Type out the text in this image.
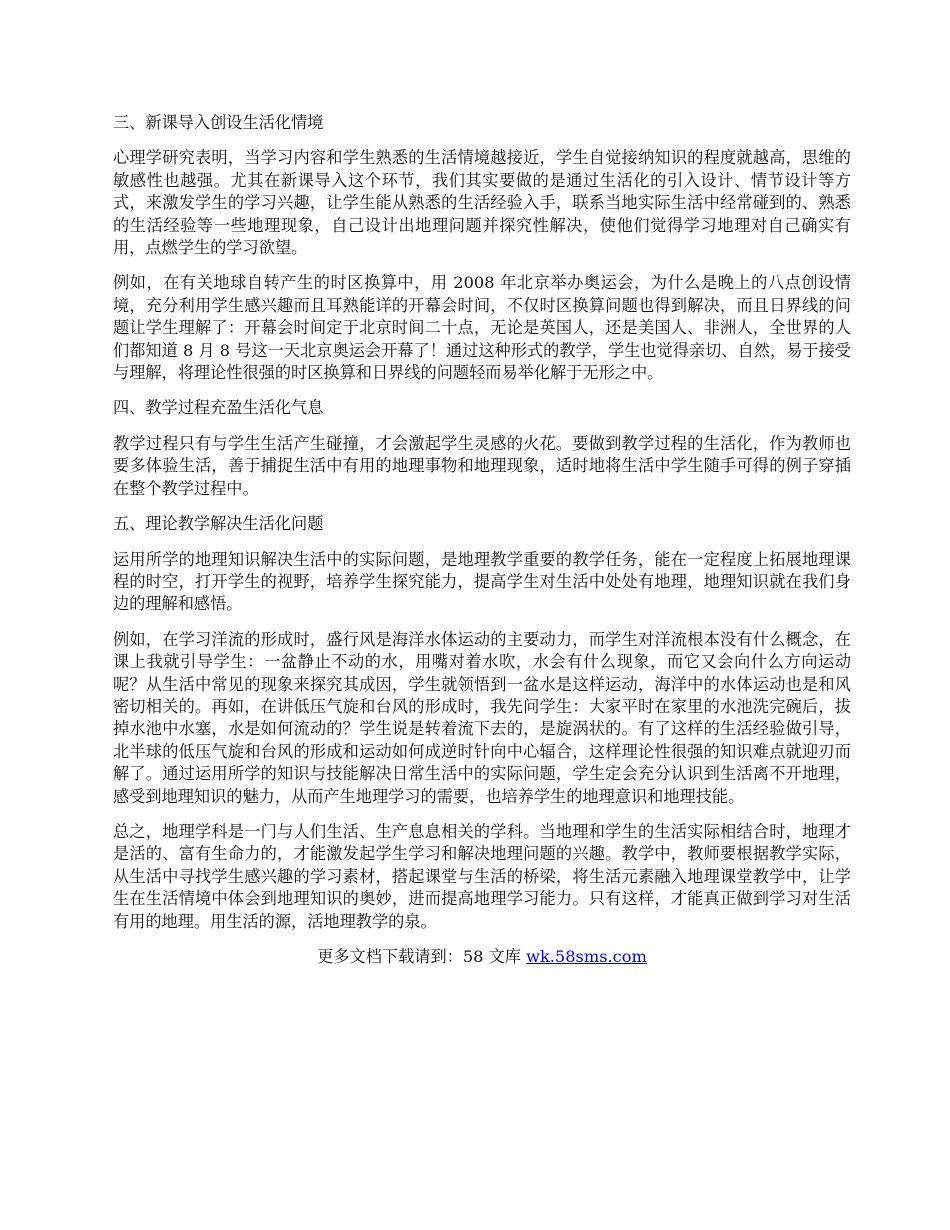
三、新课导入创设生活化情境
心理学研究表明，当学习内容和学生熟悉的生活情境越接近，学生自觉接纳知识的程度就越高，思维的敏感性也越强。尤其在新课导入这个环节，我们其实要做的是通过生活化的引入设计、情节设计等方式，来激发学生的学习兴趣，让学生能从熟悉的生活经验入手，联系当地实际生活中经常碰到的、熟悉的生活经验等一些地理现象，自己设计出地理问题并探究性解决，使他们觉得学习地理对自己确实有用，点燃学生的学习欲望。
例如，在有关地球自转产生的时区换算中，用 2008 年北京举办奥运会，为什么是晚上的八点创设情境，充分利用学生感兴趣而且耳熟能详的开幕会时间，不仅时区换算问题也得到解决，而且日界线的问题让学生理解了：开幕会时间定于北京时间二十点，无论是英国人，还是美国人、非洲人，全世界的人们都知道 8 月 8 号这一天北京奥运会开幕了！通过这种形式的教学，学生也觉得亲切、自然，易于接受与理解，将理论性很强的时区换算和日界线的问题轻而易举化解于无形之中。
四、教学过程充盈生活化气息
教学过程只有与学生生活产生碰撞，才会激起学生灵感的火花。要做到教学过程的生活化，作为教师也要多体验生活，善于捕捉生活中有用的地理事物和地理现象，适时地将生活中学生随手可得的例子穿插在整个教学过程中。
五、理论教学解决生活化问题
运用所学的地理知识解决生活中的实际问题，是地理教学重要的教学任务，能在一定程度上拓展地理课程的时空，打开学生的视野，培养学生探究能力，提高学生对生活中处处有地理，地理知识就在我们身边的理解和感悟。
例如，在学习洋流的形成时，盛行风是海洋水体运动的主要动力，而学生对洋流根本没有什么概念，在课上我就引导学生：一盆静止不动的水，用嘴对着水吹，水会有什么现象，而它又会向什么方向运动呢？从生活中常见的现象来探究其成因，学生就领悟到一盆水是这样运动，海洋中的水体运动也是和风密切相关的。再如，在讲低压气旋和台风的形成时，我先问学生：大家平时在家里的水池洗完碗后，拔掉水池中水塞，水是如何流动的？学生说是转着流下去的，是旋涡状的。有了这样的生活经验做引导，北半球的低压气旋和台风的形成和运动如何成逆时针向中心辐合，这样理论性很强的知识难点就迎刃而解了。通过运用所学的知识与技能解决日常生活中的实际问题，学生定会充分认识到生活离不开地理，感受到地理知识的魅力，从而产生地理学习的需要，也培养学生的地理意识和地理技能。
总之，地理学科是一门与人们生活、生产息息相关的学科。当地理和学生的生活实际相结合时，地理才是活的、富有生命力的，才能激发起学生学习和解决地理问题的兴趣。教学中，教师要根据教学实际，从生活中寻找学生感兴趣的学习素材，搭起课堂与生活的桥梁，将生活元素融入地理课堂教学中，让学生在生活情境中体会到地理知识的奥妙，进而提高地理学习能力。只有这样，才能真正做到学习对生活有用的地理。用生活的源，活地理教学的泉。
更多文档下载请到：58 文库 wk.58sms.com
